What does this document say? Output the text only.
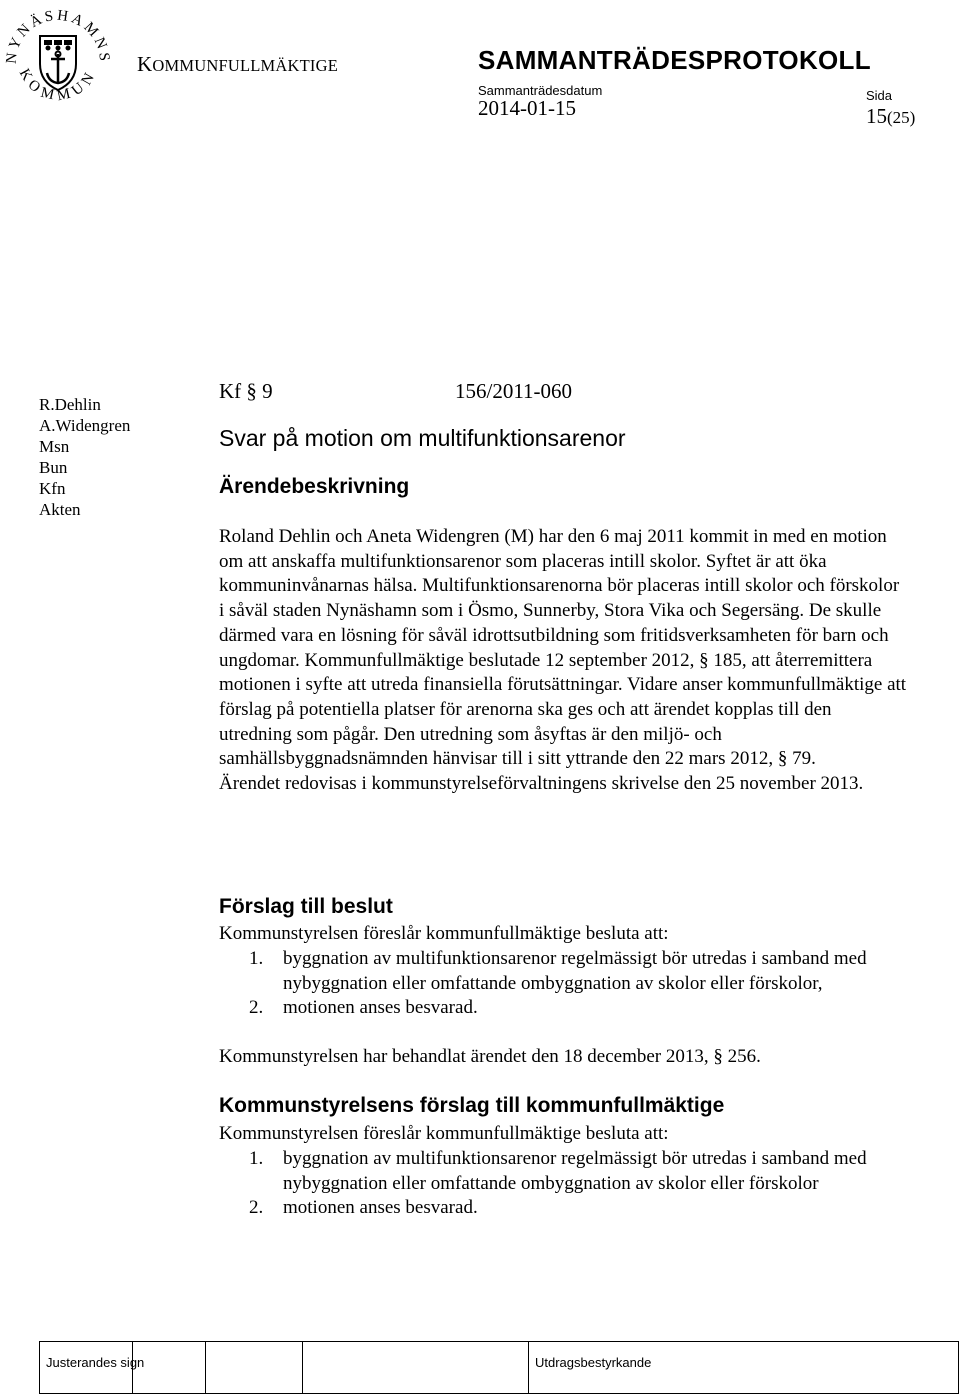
NYNÄSHAMNS
KOMMUN
KOMMUNFULLMÄKTIGE	SAMMANTRÄDESPROTOKOLL
Sammanträdesdatum
2014-01-15
Sida
15(25)
R.Dehlin
A.Widengren
Msn
Bun
Kfn
Akten
Kf § 9	156/2011-060
Svar på motion om multifunktionsarenor
Ärendebeskrivning

Roland Dehlin och Aneta Widengren (M) har den 6 maj 2011 kommit in med en motion om att anskaffa multifunktionsarenor som placeras intill skolor. Syftet är att öka kommuninvånarnas hälsa. Multifunktionsarenorna bör placeras intill skolor och förskolor i såväl staden Nynäshamn som i Ösmo, Sunnerby, Stora Vika och Segersäng. De skulle därmed vara en lösning för såväl idrottsutbildning som fritidsverksamheten för barn och ungdomar. Kommunfullmäktige beslutade 12 september 2012, § 185, att återremittera motionen i syfte att utreda finansiella förutsättningar. Vidare anser kommunfullmäktige att förslag på potentiella platser för arenorna ska ges och att ärendet kopplas till den utredning som pågår. Den utredning som åsyftas är den miljö- och samhällsbyggnadsnämnden hänvisar till i sitt yttrande den 22 mars 2012, § 79.

Ärendet redovisas i kommunstyrelseförvaltningens skrivelse den 25 november 2013.

Förslag till beslut
Kommunstyrelsen föreslår kommunfullmäktige besluta att:
1. byggnation av multifunktionsarenor regelmässigt bör utredas i samband med nybyggnation eller omfattande ombyggnation av skolor eller förskolor,
2. motionen anses besvarad.
Kommunstyrelsen har behandlat ärendet den 18 december 2013, § 256.
Kommunstyrelsens förslag till kommunfullmäktige
Kommunstyrelsen föreslår kommunfullmäktige besluta att:
1. byggnation av multifunktionsarenor regelmässigt bör utredas i samband med nybyggnation eller omfattande ombyggnation av skolor eller förskolor
2. motionen anses besvarad.
Justerandes sign	Utdragsbestyrkande
